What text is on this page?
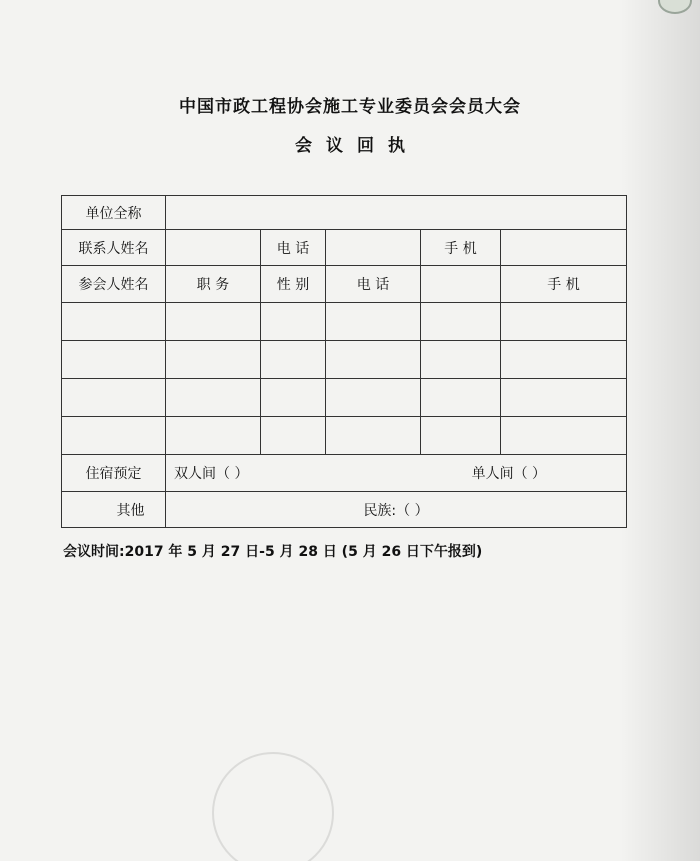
中国市政工程协会施工专业委员会会员大会
会议回执
单位全称					
联系人姓名		电 话		手 机	
参会人姓名	职 务	性 别	电 话		手 机

住宿预定	双人间（ ） 单人间（ ）				

其他	民族:（ ）				
会议时间:2017 年 5 月 27 日-5 月 28 日 (5 月 26 日下午报到)
